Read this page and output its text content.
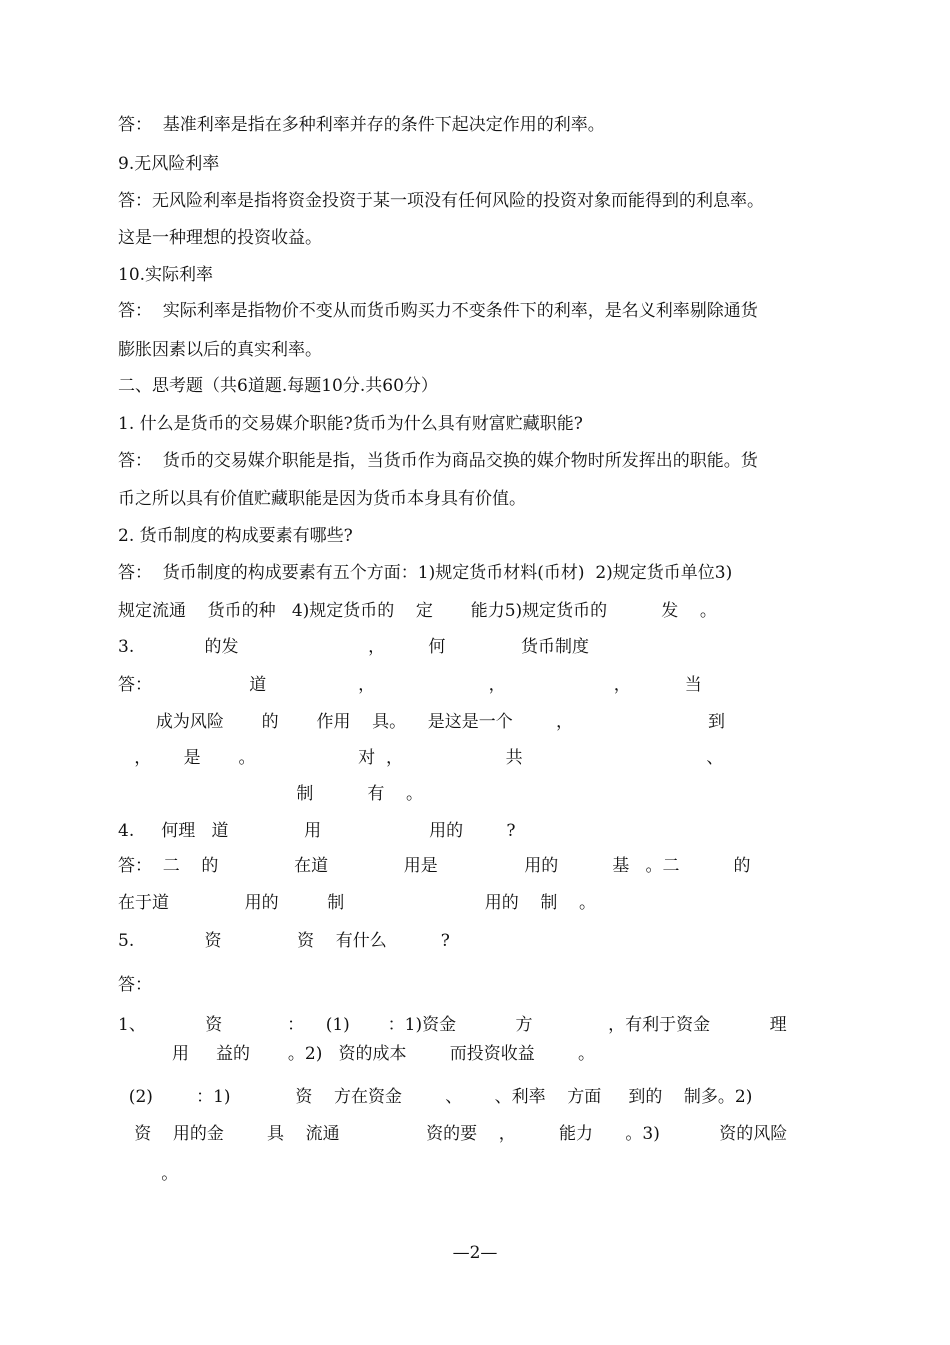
答：  基准利率是指在多种利率并存的条件下起决定作用的利率。
9.无风险利率
答：无风险利率是指将资金投资于某一项没有任何风险的投资对象而能得到的利息率。
这是一种理想的投资收益。
10.实际利率
答：  实际利率是指物价不变从而货币购买力不变条件下的利率，是名义利率剔除通货
膨胀因素以后的真实利率。
二、思考题（共6道题.每题10分.共60分）
1. 什么是货币的交易媒介职能?货币为什么具有财富贮藏职能?
答：  货币的交易媒介职能是指，当货币作为商品交换的媒介物时所发挥出的职能。货
币之所以具有价值贮藏职能是因为货币本身具有价值。
2. 货币制度的构成要素有哪些?
答：  货币制度的构成要素有五个方面：1)规定货币材料(币材)  2)规定货币单位3)
规定流通    货币的种   4)规定货币的    定       能力5)规定货币的          发    。
3.             的发                        ，        何              货币制度
答：                  道                 ，                     ，                    ，          当
成为风险       的       作用    具。    是这是一个        ，                         到
，      是       。                   对  ，                   共                                  、
制          有    。
4.     何理   道              用                    用的        ?
答：  二    的              在道              用是                用的          基   。二          的
在于道              用的         制                          用的    制    。
5.             资              资    有什么          ?
答：
1、           资            ：    (1)       ：1)资金           方              ，有利于资金           理
用     益的       。2)   资的成本        而投资收益        。
(2)        ：1)            资    方在资金        、      、利率    方面     到的    制多。2)
资    用的金        具    流通                资的要    ，        能力      。3)           资的风险
。
—2—
